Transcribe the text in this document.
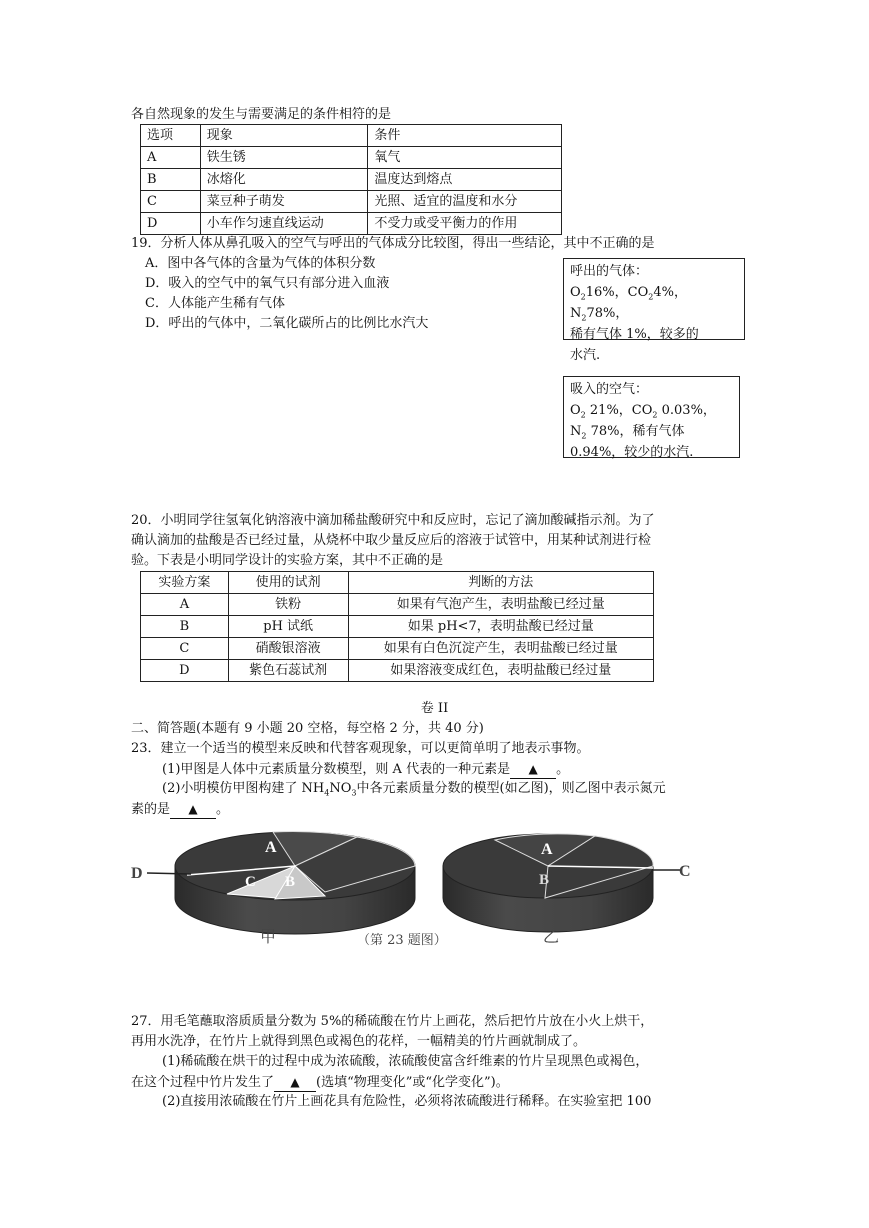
各自然现象的发生与需要满足的条件相符的是
选项	现象	条件
A	铁生锈	氧气
B	冰熔化	温度达到熔点
C	菜豆种子萌发	光照、适宜的温度和水分
D	小车作匀速直线运动	不受力或受平衡力的作用
19．分析人体从鼻孔吸入的空气与呼出的气体成分比较图，得出一些结论，其中不正确的是
A．图中各气体的含量为气体的体积分数
D．吸入的空气中的氧气只有部分进入血液
C．人体能产生稀有气体
D．呼出的气体中，二氧化碳所占的比例比水汽大
呼出的气体：
$O_216\%$，$CO_24\%$，$N_278\%$，
稀有气体 1%，较多的
水汽.
吸入的空气：
$O_2$ 21%，$CO_2$ 0.03%，
$N_2$ 78%，稀有气体
0.94%，较少的水汽.
20．小明同学往氢氧化钠溶液中滴加稀盐酸研究中和反应时，忘记了滴加酸碱指示剂。为了
确认滴加的盐酸是否已经过量，从烧杯中取少量反应后的溶液于试管中，用某种试剂进行检
验。下表是小明同学设计的实验方案，其中不正确的是
实验方案	使用的试剂	判断的方法
A	铁粉	如果有气泡产生，表明盐酸已经过量
B	pH 试纸	如果 pH<7，表明盐酸已经过量
C	硝酸银溶液	如果有白色沉淀产生，表明盐酸已经过量
D	紫色石蕊试剂	如果溶液变成红色，表明盐酸已经过量
卷 II
二、简答题(本题有 9 小题 20 空格，每空格 2 分，共 40 分)
23．建立一个适当的模型来反映和代替客观现象，可以更简单明了地表示事物。
(1)甲图是人体中元素质量分数模型，则 A 代表的一种元素是 ▲ 。
(2)小明模仿甲图构建了 $NH_4NO_3$中各元素质量分数的模型(如乙图)，则乙图中表示氮元
素的是 ▲ 。
A
B
C
D
A
B	C
甲	（第 23 题图）	乙
27．用毛笔蘸取溶质质量分数为 5%的稀硫酸在竹片上画花，然后把竹片放在小火上烘干，
再用水洗净，在竹片上就得到黑色或褐色的花样，一幅精美的竹片画就制成了。
(1)稀硫酸在烘干的过程中成为浓硫酸，浓硫酸使富含纤维素的竹片呈现黑色或褐色，
在这个过程中竹片发生了 ▲ (选填“物理变化”或“化学变化”)。
(2)直接用浓硫酸在竹片上画花具有危险性，必须将浓硫酸进行稀释。在实验室把 100
